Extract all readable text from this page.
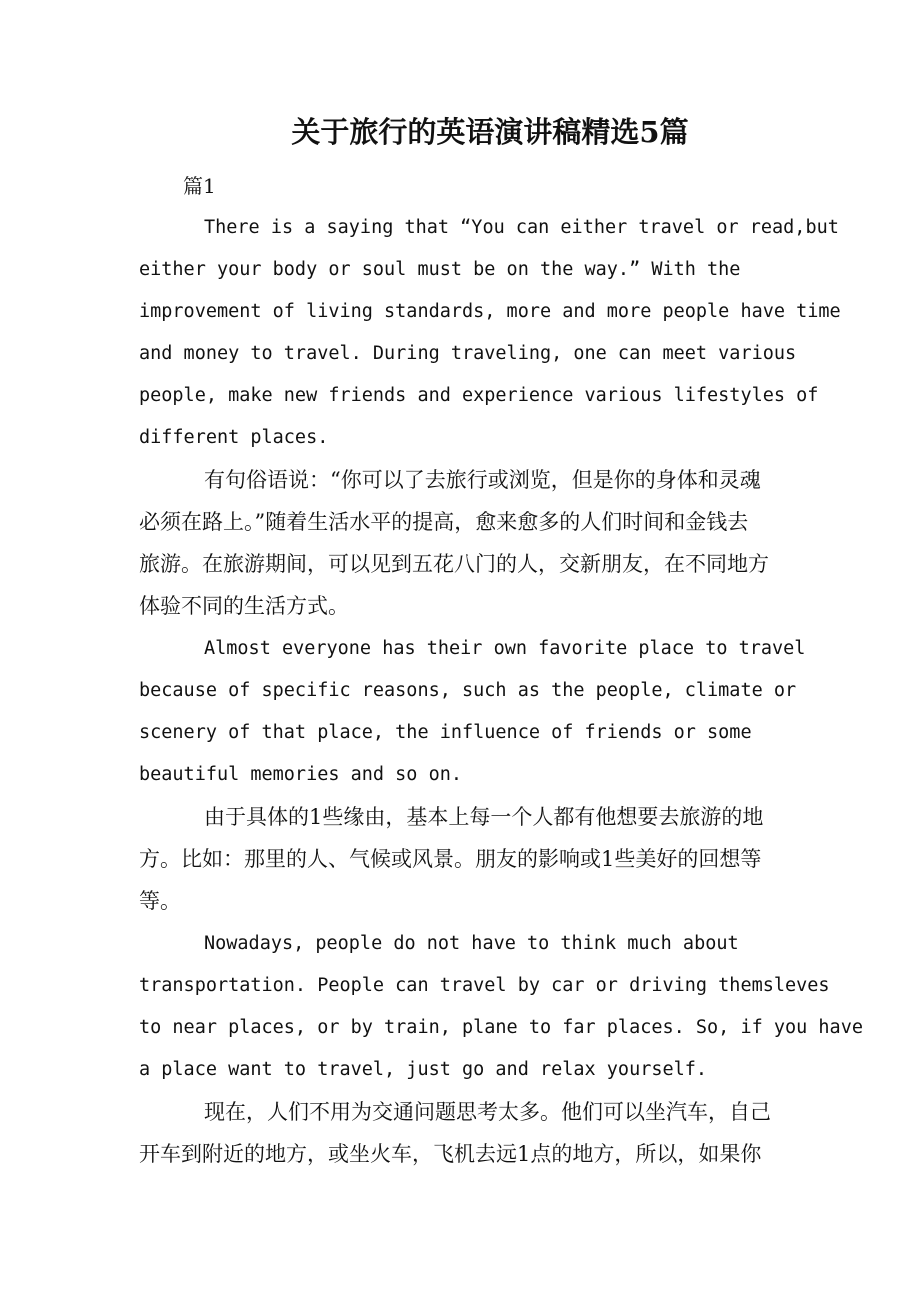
关于旅行的英语演讲稿精选5篇

篇1

There is a saying that “You can either travel or read,but

either your body or soul must be on the way.” With the

improvement of living standards, more and more people have time

and money to travel. During traveling, one can meet various

people, make new friends and experience various lifestyles of

different places.

有句俗语说：“你可以了去旅行或浏览，但是你的身体和灵魂

必须在路上。”随着生活水平的提高，愈来愈多的人们时间和金钱去

旅游。在旅游期间，可以见到五花八门的人，交新朋友，在不同地方

体验不同的生活方式。

Almost everyone has their own favorite place to travel

because of specific reasons, such as the people, climate or

scenery of that place, the influence of friends or some

beautiful memories and so on.

由于具体的1些缘由，基本上每一个人都有他想要去旅游的地

方。比如：那里的人、气候或风景。朋友的影响或1些美好的回想等

等。

Nowadays, people do not have to think much about

transportation. People can travel by car or driving themsleves

to near places, or by train, plane to far places. So, if you have

a place want to travel, just go and relax yourself.

现在，人们不用为交通问题思考太多。他们可以坐汽车，自己

开车到附近的地方，或坐火车，飞机去远1点的地方，所以，如果你
